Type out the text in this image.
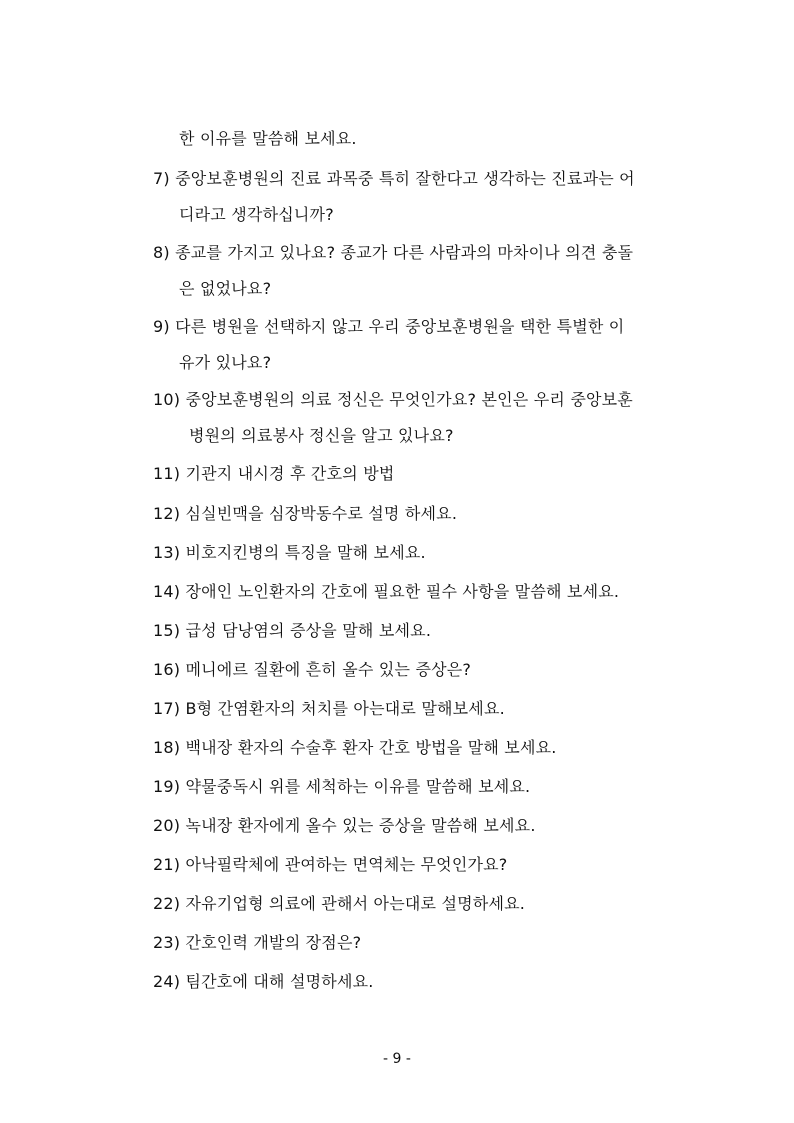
한 이유를 말씀해 보세요.
7) 중앙보훈병원의 진료 과목중 특히 잘한다고 생각하는 진료과는 어
디라고 생각하십니까?
8) 종교를 가지고 있나요? 종교가 다른 사람과의 마차이나 의견 충돌
은 없었나요?
9) 다른 병원을 선택하지 않고 우리 중앙보훈병원을 택한 특별한 이
유가 있나요?
10) 중앙보훈병원의 의료 정신은 무엇인가요? 본인은 우리 중앙보훈
병원의 의료봉사 정신을 알고 있나요?
11) 기관지 내시경 후 간호의 방법
12) 심실빈맥을 심장박동수로 설명 하세요.
13) 비호지킨병의 특징을 말해 보세요.
14) 장애인 노인환자의 간호에 필요한 필수 사항을 말씀해 보세요.
15) 급성 담낭염의 증상을 말해 보세요.
16) 메니에르 질환에 흔히 올수 있는 증상은?
17) B형 간염환자의 처치를 아는대로 말해보세요.
18) 백내장 환자의 수술후 환자 간호 방법을 말해 보세요.
19) 약물중독시 위를 세척하는 이유를 말씀해 보세요.
20) 녹내장 환자에게 올수 있는 증상을 말씀해 보세요.
21) 아낙필락체에 관여하는 면역체는 무엇인가요?
22) 자유기업형 의료에 관해서 아는대로 설명하세요.
23) 간호인력 개발의 장점은?
24) 팀간호에 대해 설명하세요.
- 9 -
